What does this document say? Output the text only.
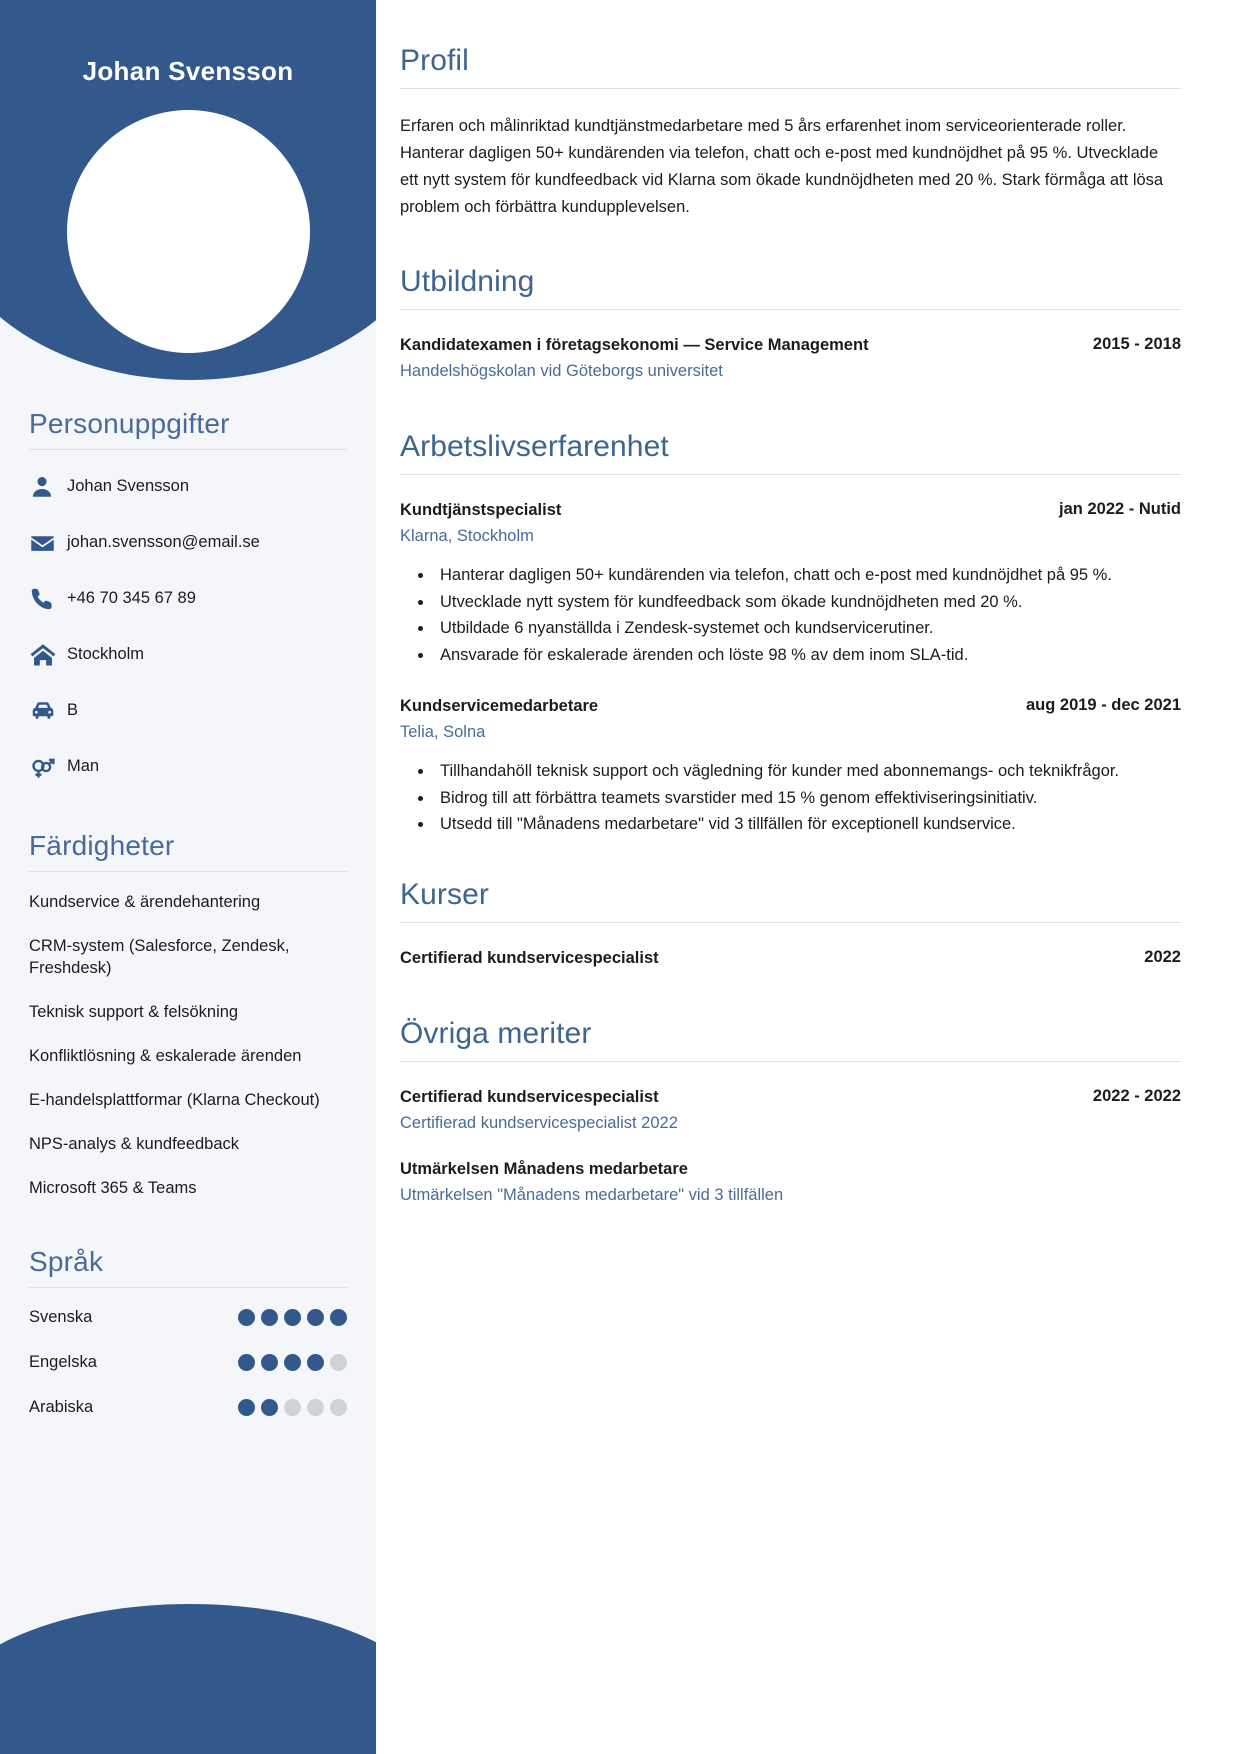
Johan Svensson
Personuppgifter
Johan Svensson
johan.svensson@email.se
+46 70 345 67 89
Stockholm
B
Man
Färdigheter
Kundservice & ärendehantering
CRM-system (Salesforce, Zendesk, Freshdesk)
Teknisk support & felsökning
Konfliktlösning & eskalerade ärenden
E-handelsplattformar (Klarna Checkout)
NPS-analys & kundfeedback
Microsoft 365 & Teams
Språk
Svenska
Engelska
Arabiska
Profil

Erfaren och målinriktad kundtjänstmedarbetare med 5 års erfarenhet inom serviceorienterade roller. Hanterar dagligen 50+ kundärenden via telefon, chatt och e-post med kundnöjdhet på 95 %. Utvecklade ett nytt system för kundfeedback vid Klarna som ökade kundnöjdheten med 20 %. Stark förmåga att lösa problem och förbättra kundupplevelsen.

Utbildning
Kandidatexamen i företagsekonomi — Service Management	2015 - 2018
Handelshögskolan vid Göteborgs universitet
Arbetslivserfarenhet
Kundtjänstspecialist	jan 2022 - Nutid
Klarna, Stockholm
• Hanterar dagligen 50+ kundärenden via telefon, chatt och e-post med kundnöjdhet på 95 %.
• Utvecklade nytt system för kundfeedback som ökade kundnöjdheten med 20 %.
• Utbildade 6 nyanställda i Zendesk-systemet och kundservicerutiner.
• Ansvarade för eskalerade ärenden och löste 98 % av dem inom SLA-tid.
Kundservicemedarbetare	aug 2019 - dec 2021
Telia, Solna
• Tillhandahöll teknisk support och vägledning för kunder med abonnemangs- och teknikfrågor.
• Bidrog till att förbättra teamets svarstider med 15 % genom effektiviseringsinitiativ.
• Utsedd till "Månadens medarbetare" vid 3 tillfällen för exceptionell kundservice.
Kurser
Certifierad kundservicespecialist	2022
Övriga meriter
Certifierad kundservicespecialist	2022 - 2022
Certifierad kundservicespecialist 2022
Utmärkelsen Månadens medarbetare
Utmärkelsen "Månadens medarbetare" vid 3 tillfällen
